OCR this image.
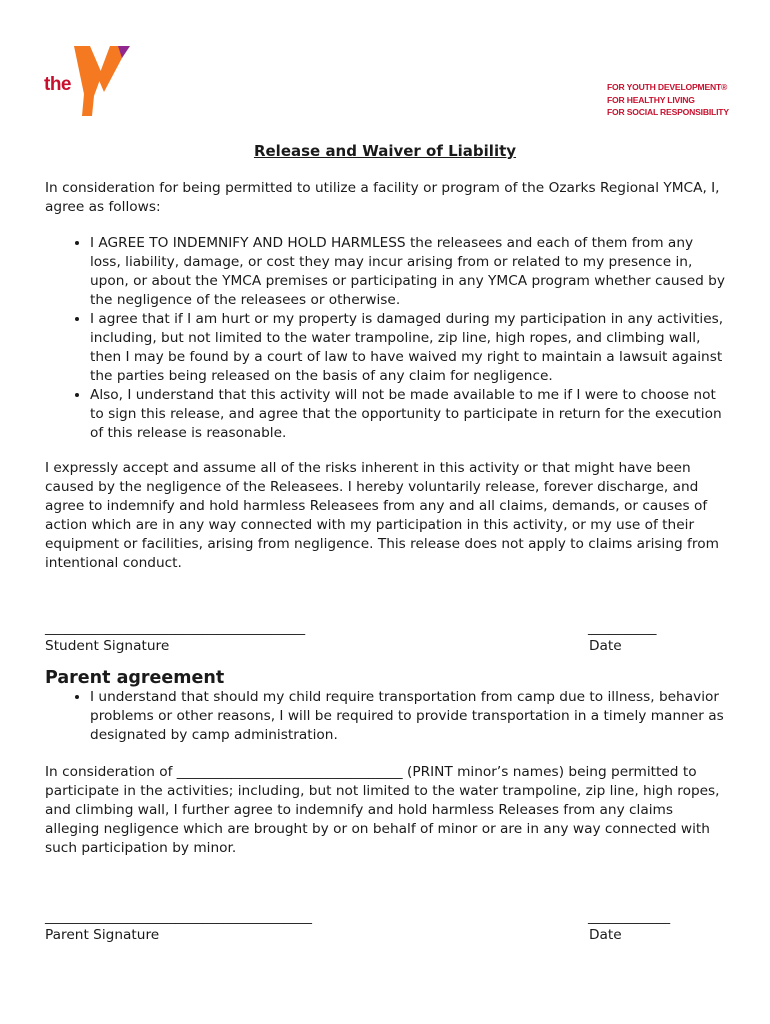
the
YMCA
FOR YOUTH DEVELOPMENT®
FOR HEALTHY LIVING
FOR SOCIAL RESPONSIBILITY
Release and Waiver of Liability

In consideration for being permitted to utilize a facility or program of the Ozarks Regional YMCA, I, agree as follows:

• I AGREE TO INDEMNIFY AND HOLD HARMLESS the releasees and each of them from any loss, liability, damage, or cost they may incur arising from or related to my presence in, upon, or about the YMCA premises or participating in any YMCA program whether caused by the negligence of the releasees or otherwise.
• I agree that if I am hurt or my property is damaged during my participation in any activities, including, but not limited to the water trampoline, zip line, high ropes, and climbing wall, then I may be found by a court of law to have waived my right to maintain a lawsuit against the parties being released on the basis of any claim for negligence.
• Also, I understand that this activity will not be made available to me if I were to choose not to sign this release, and agree that the opportunity to participate in return for the execution of this release is reasonable.

I expressly accept and assume all of the risks inherent in this activity or that might have been caused by the negligence of the Releasees. I hereby voluntarily release, forever discharge, and agree to indemnify and hold harmless Releasees from any and all claims, demands, or causes of action which are in any way connected with my participation in this activity, or my use of their equipment or facilities, arising from negligence. This release does not apply to claims arising from intentional conduct.

______________________________________	__________
Student Signature	Date
Parent agreement
• I understand that should my child require transportation from camp due to illness, behavior problems or other reasons, I will be required to provide transportation in a timely manner as designated by camp administration.

In consideration of _________________________________ (PRINT minor’s names) being permitted to participate in the activities; including, but not limited to the water trampoline, zip line, high ropes, and climbing wall, I further agree to indemnify and hold harmless Releases from any claims alleging negligence which are brought by or on behalf of minor or are in any way connected with such participation by minor.

_______________________________________	____________
Parent Signature	Date
